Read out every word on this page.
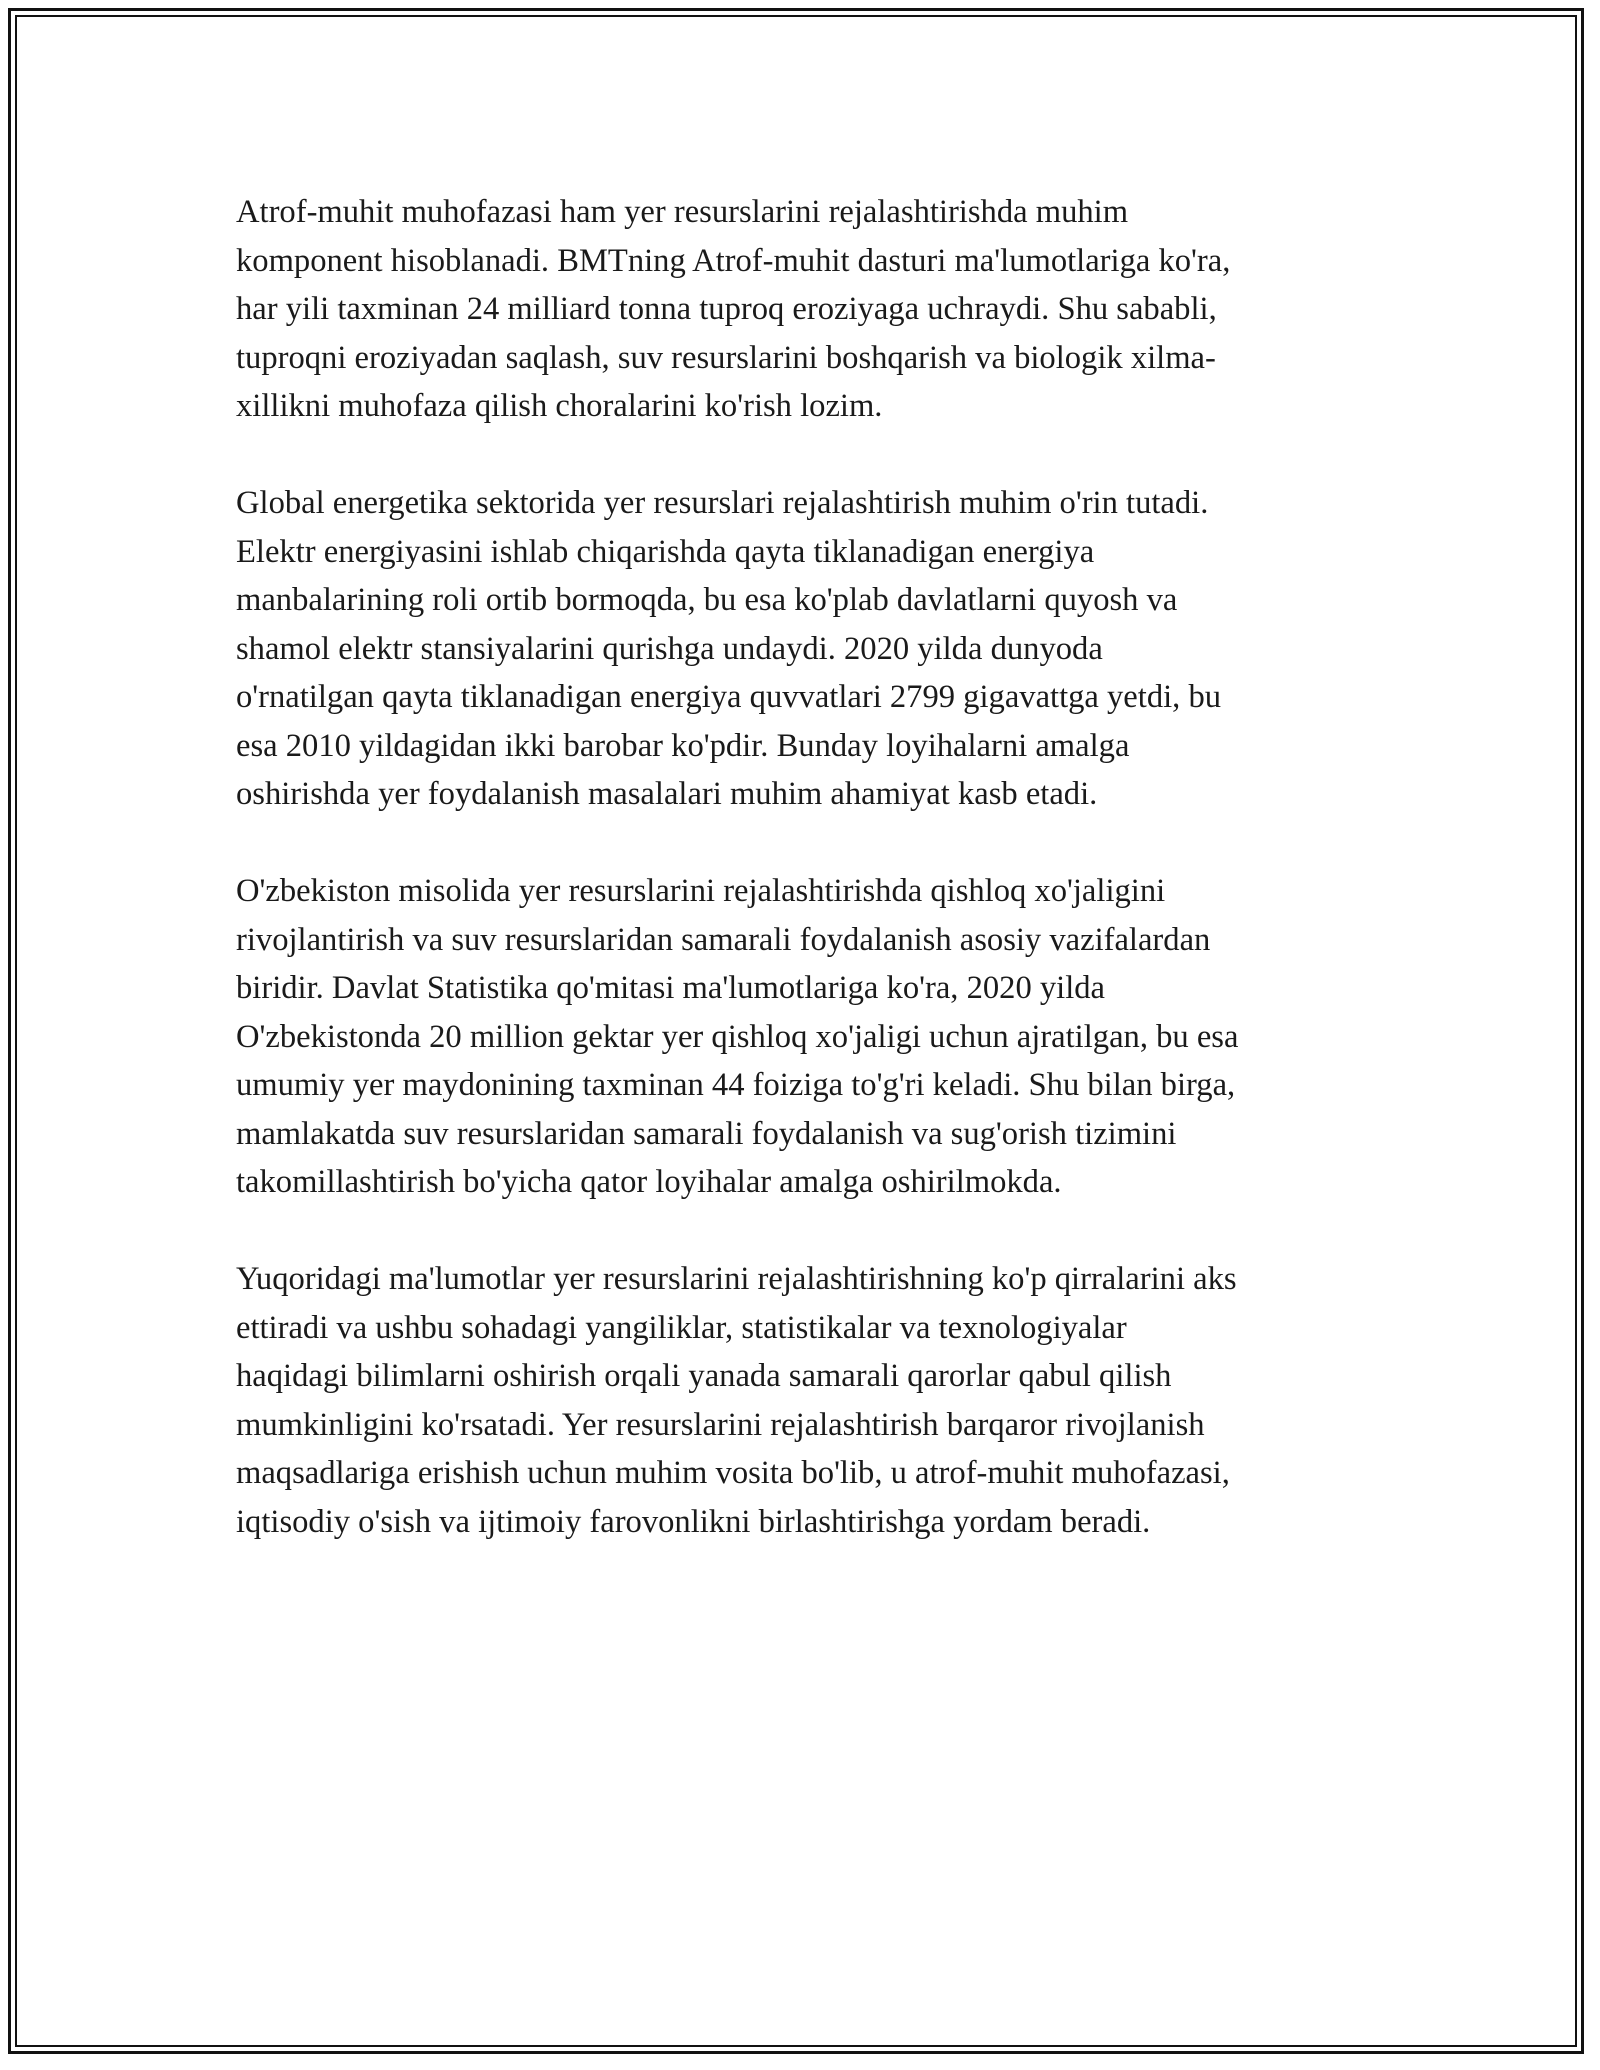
Atrof-muhit muhofazasi ham yer resurslarini rejalashtirishda muhim
komponent hisoblanadi. BMTning Atrof-muhit dasturi ma'lumotlariga ko'ra,
har yili taxminan 24 milliard tonna tuproq eroziyaga uchraydi. Shu sababli,
tuproqni eroziyadan saqlash, suv resurslarini boshqarish va biologik xilma-
xillikni muhofaza qilish choralarini ko'rish lozim.

Global energetika sektorida yer resurslari rejalashtirish muhim o'rin tutadi.
Elektr energiyasini ishlab chiqarishda qayta tiklanadigan energiya
manbalarining roli ortib bormoqda, bu esa ko'plab davlatlarni quyosh va
shamol elektr stansiyalarini qurishga undaydi. 2020 yilda dunyoda
o'rnatilgan qayta tiklanadigan energiya quvvatlari 2799 gigavattga yetdi, bu
esa 2010 yildagidan ikki barobar ko'pdir. Bunday loyihalarni amalga
oshirishda yer foydalanish masalalari muhim ahamiyat kasb etadi.

O'zbekiston misolida yer resurslarini rejalashtirishda qishloq xo'jaligini
rivojlantirish va suv resurslaridan samarali foydalanish asosiy vazifalardan
biridir. Davlat Statistika qo'mitasi ma'lumotlariga ko'ra, 2020 yilda
O'zbekistonda 20 million gektar yer qishloq xo'jaligi uchun ajratilgan, bu esa
umumiy yer maydonining taxminan 44 foiziga to'g'ri keladi. Shu bilan birga,
mamlakatda suv resurslaridan samarali foydalanish va sug'orish tizimini
takomillashtirish bo'yicha qator loyihalar amalga oshirilmokda.

Yuqoridagi ma'lumotlar yer resurslarini rejalashtirishning ko'p qirralarini aks
ettiradi va ushbu sohadagi yangiliklar, statistikalar va texnologiyalar
haqidagi bilimlarni oshirish orqali yanada samarali qarorlar qabul qilish
mumkinligini ko'rsatadi. Yer resurslarini rejalashtirish barqaror rivojlanish
maqsadlariga erishish uchun muhim vosita bo'lib, u atrof-muhit muhofazasi,
iqtisodiy o'sish va ijtimoiy farovonlikni birlashtirishga yordam beradi.
